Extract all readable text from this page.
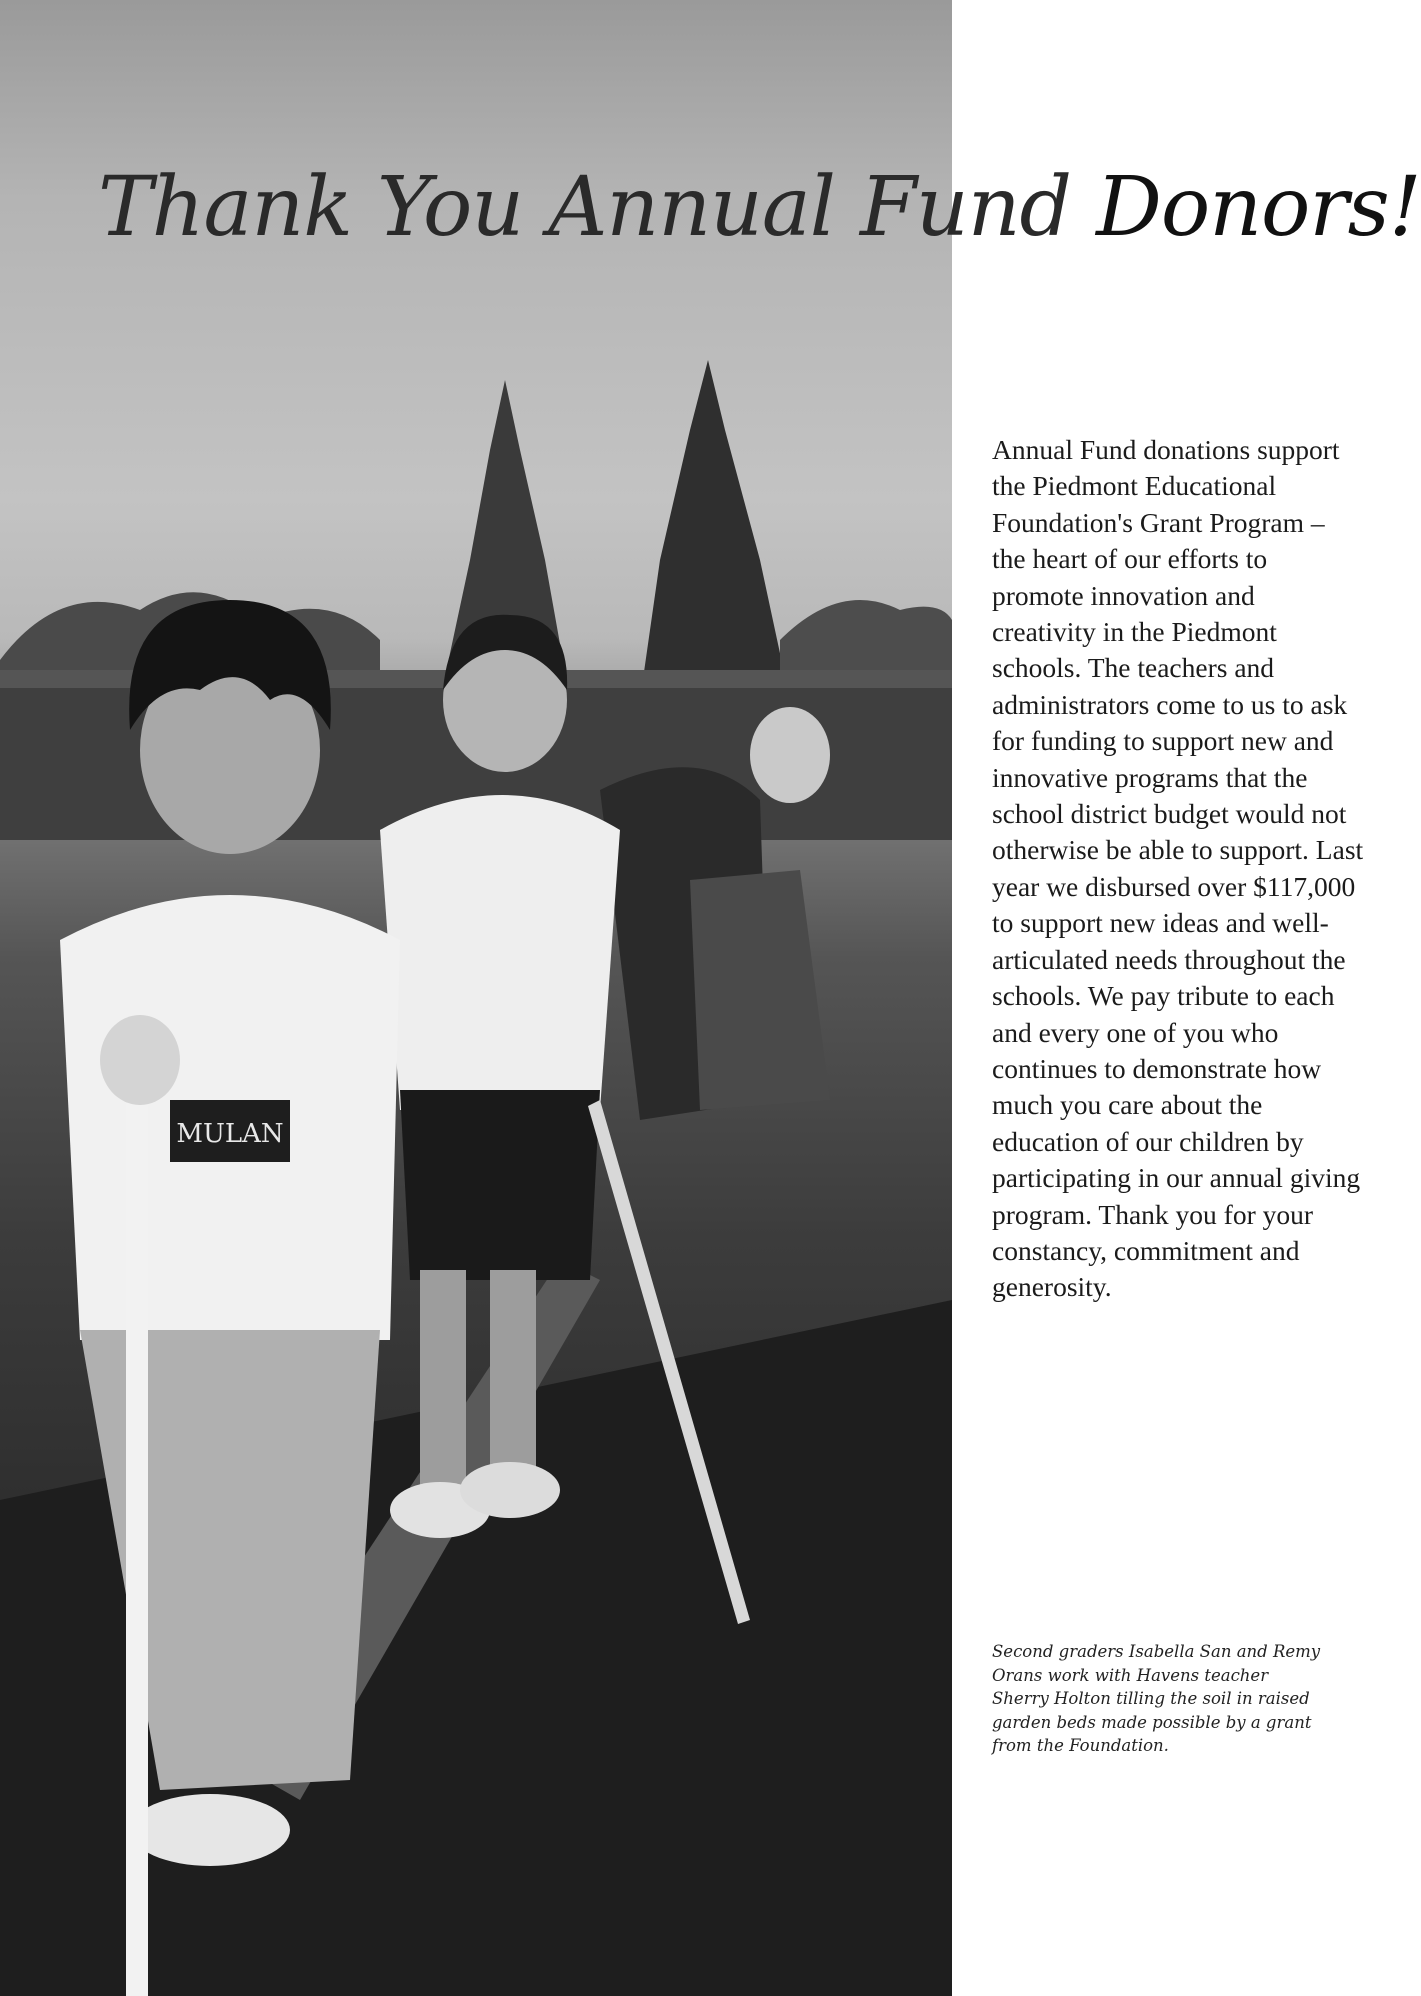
MULAN
Thank You Annual Fund Donors!

Annual Fund donations support the Piedmont Educational Foundation's Grant Program – the heart of our efforts to promote innovation and creativity in the Piedmont schools. The teachers and administrators come to us to ask for funding to support new and innovative programs that the school district budget would not otherwise be able to support. Last year we disbursed over $117,000 to support new ideas and well-articulated needs throughout the schools. We pay tribute to each and every one of you who continues to demonstrate how much you care about the education of our children by participating in our annual giving program. Thank you for your constancy, commitment and generosity.

Second graders Isabella San and Remy Orans work with Havens teacher Sherry Holton tilling the soil in raised garden beds made possible by a grant from the Foundation.
